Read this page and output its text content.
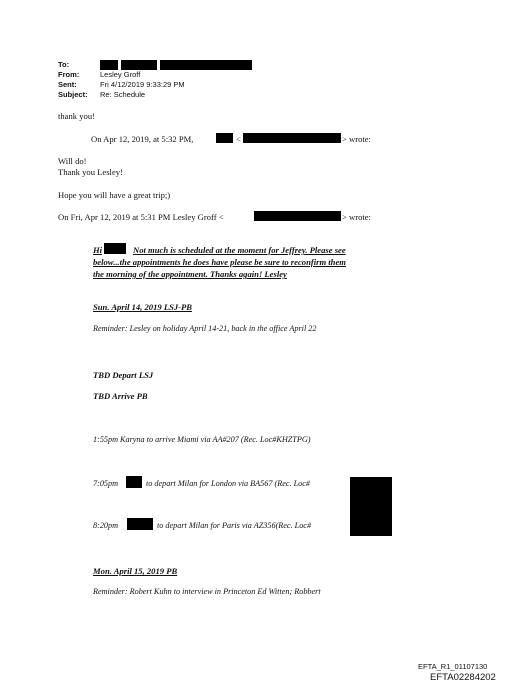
To:
From:	Lesley Groff
Sent:	Fri 4/12/2019 9:33:29 PM
Subject: Re: Schedule
thank you!
On Apr 12, 2019, at 5:32 PM,	<	> wrote:
Will do!
Thank you Lesley!
Hope you will have a great trip;)
On Fri, Apr 12, 2019 at 5:31 PM Lesley Groff <	> wrote:
Hi	Not much is scheduled at the moment for Jeffrey. Please see
below...the appointments he does have please be sure to reconfirm them
the morning of the appointment. Thanks again! Lesley
Sun. April 14, 2019 LSJ-PB
Reminder: Lesley on holiday April 14-21, back in the office April 22
TBD Depart LSJ
TBD Arrive PB
1:55pm Karyna to arrive Miami via AA#207 (Rec. Loc#KHZTPG)
7:05pm	to depart Milan for London via BA567 (Rec. Loc#
8:20pm	to depart Milan for Paris via AZ356(Rec. Loc#
Mon. April 15, 2019 PB
Reminder: Robert Kuhn to interview in Princeton Ed Witten; Robbert
EFTA_R1_01107130
EFTA02284202
